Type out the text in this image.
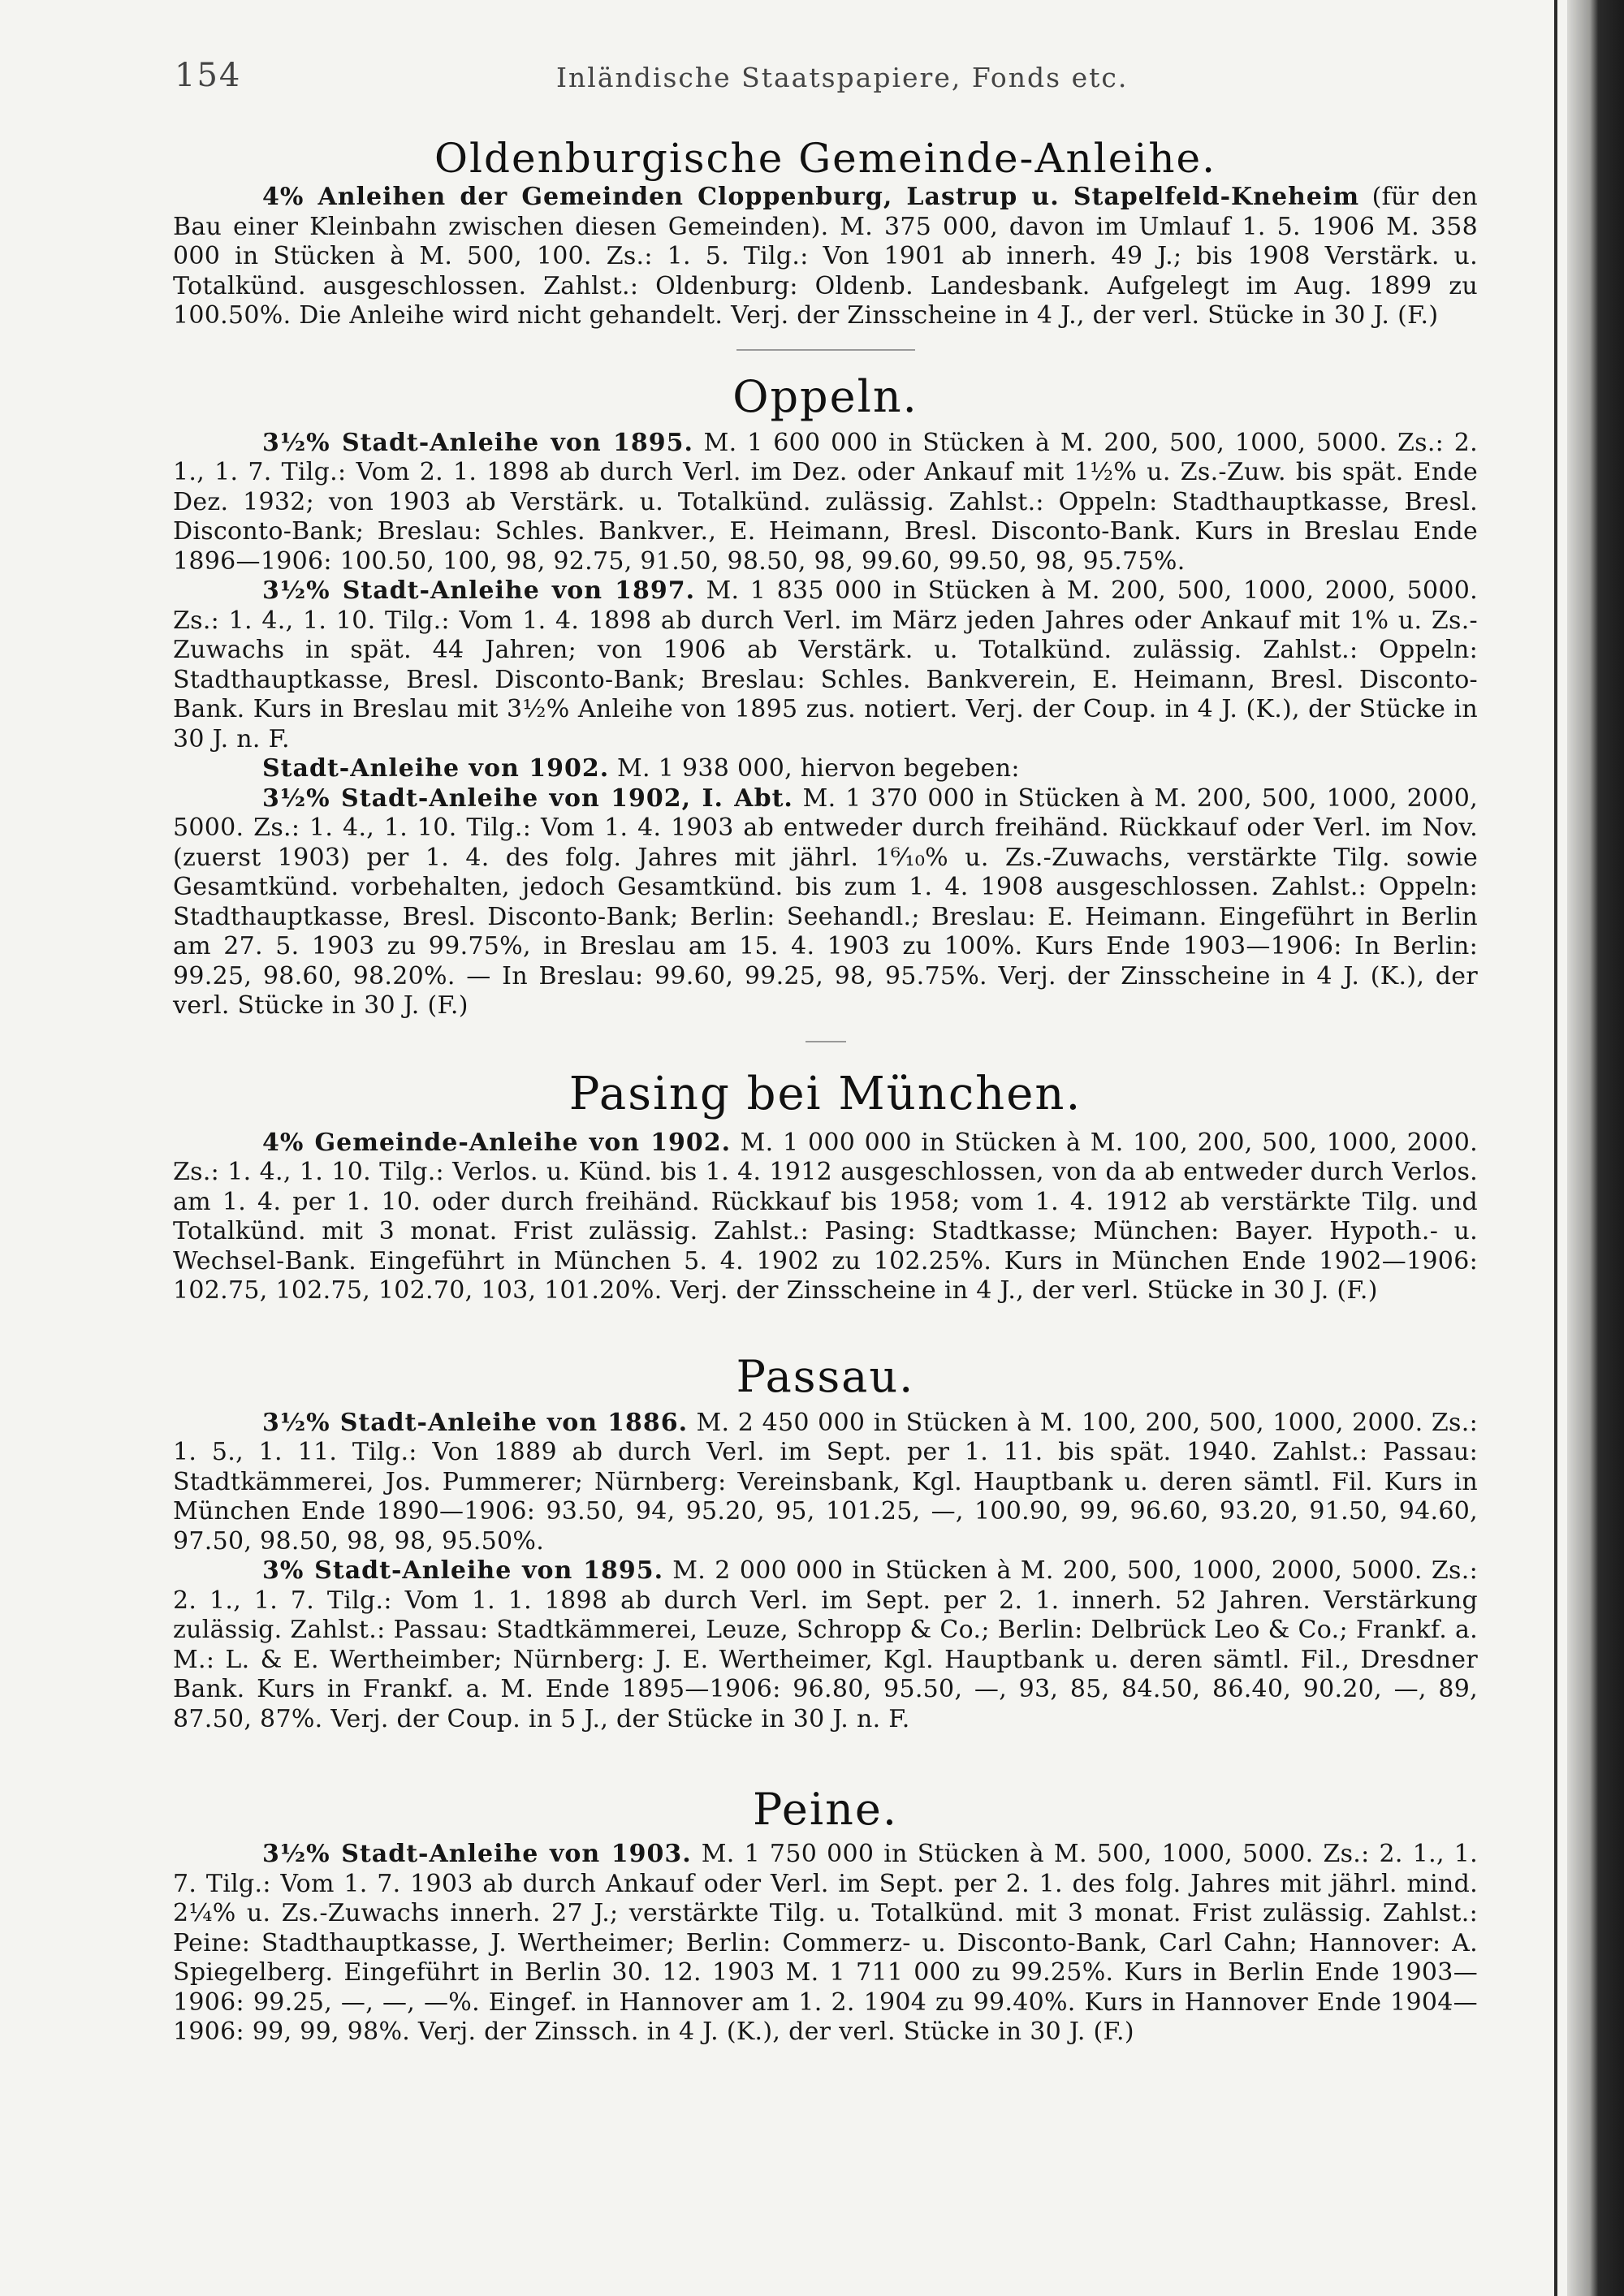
154	Inländische Staatspapiere, Fonds etc.
Oldenburgische Gemeinde-Anleihe.

4% Anleihen der Gemeinden Cloppenburg, Lastrup u. Stapelfeld-Kneheim (für den Bau einer Kleinbahn zwischen diesen Gemeinden). M. 375 000, davon im Umlauf 1. 5. 1906 M. 358 000 in Stücken à M. 500, 100. Zs.: 1. 5. Tilg.: Von 1901 ab innerh. 49 J.; bis 1908 Verstärk. u. Totalkünd. ausgeschlossen. Zahlst.: Oldenburg: Oldenb. Landesbank. Aufgelegt im Aug. 1899 zu 100.50%. Die Anleihe wird nicht gehandelt. Verj. der Zinsscheine in 4 J., der verl. Stücke in 30 J. (F.)

Oppeln.

3½% Stadt-Anleihe von 1895. M. 1 600 000 in Stücken à M. 200, 500, 1000, 5000. Zs.: 2. 1., 1. 7. Tilg.: Vom 2. 1. 1898 ab durch Verl. im Dez. oder Ankauf mit 1½% u. Zs.-Zuw. bis spät. Ende Dez. 1932; von 1903 ab Verstärk. u. Totalkünd. zulässig. Zahlst.: Oppeln: Stadthauptkasse, Bresl. Disconto-Bank; Breslau: Schles. Bankver., E. Heimann, Bresl. Disconto-Bank. Kurs in Breslau Ende 1896—1906: 100.50, 100, 98, 92.75, 91.50, 98.50, 98, 99.60, 99.50, 98, 95.75%.

3½% Stadt-Anleihe von 1897. M. 1 835 000 in Stücken à M. 200, 500, 1000, 2000, 5000. Zs.: 1. 4., 1. 10. Tilg.: Vom 1. 4. 1898 ab durch Verl. im März jeden Jahres oder Ankauf mit 1% u. Zs.-Zuwachs in spät. 44 Jahren; von 1906 ab Verstärk. u. Totalkünd. zulässig. Zahlst.: Oppeln: Stadthauptkasse, Bresl. Disconto-Bank; Breslau: Schles. Bankverein, E. Heimann, Bresl. Disconto-Bank. Kurs in Breslau mit 3½% Anleihe von 1895 zus. notiert. Verj. der Coup. in 4 J. (K.), der Stücke in 30 J. n. F.

Stadt-Anleihe von 1902. M. 1 938 000, hiervon begeben:

3½% Stadt-Anleihe von 1902, I. Abt. M. 1 370 000 in Stücken à M. 200, 500, 1000, 2000, 5000. Zs.: 1. 4., 1. 10. Tilg.: Vom 1. 4. 1903 ab entweder durch freihänd. Rückkauf oder Verl. im Nov. (zuerst 1903) per 1. 4. des folg. Jahres mit jährl. 1⁶⁄₁₀% u. Zs.-Zuwachs, verstärkte Tilg. sowie Gesamtkünd. vorbehalten, jedoch Gesamtkünd. bis zum 1. 4. 1908 ausgeschlossen. Zahlst.: Oppeln: Stadthauptkasse, Bresl. Disconto-Bank; Berlin: Seehandl.; Breslau: E. Heimann. Eingeführt in Berlin am 27. 5. 1903 zu 99.75%, in Breslau am 15. 4. 1903 zu 100%. Kurs Ende 1903—1906: In Berlin: 99.25, 98.60, 98.20%. — In Breslau: 99.60, 99.25, 98, 95.75%. Verj. der Zinsscheine in 4 J. (K.), der verl. Stücke in 30 J. (F.)

Pasing bei München.

4% Gemeinde-Anleihe von 1902. M. 1 000 000 in Stücken à M. 100, 200, 500, 1000, 2000. Zs.: 1. 4., 1. 10. Tilg.: Verlos. u. Künd. bis 1. 4. 1912 ausgeschlossen, von da ab entweder durch Verlos. am 1. 4. per 1. 10. oder durch freihänd. Rückkauf bis 1958; vom 1. 4. 1912 ab verstärkte Tilg. und Totalkünd. mit 3 monat. Frist zulässig. Zahlst.: Pasing: Stadtkasse; München: Bayer. Hypoth.- u. Wechsel-Bank. Eingeführt in München 5. 4. 1902 zu 102.25%. Kurs in München Ende 1902—1906: 102.75, 102.75, 102.70, 103, 101.20%. Verj. der Zinsscheine in 4 J., der verl. Stücke in 30 J. (F.)

Passau.

3½% Stadt-Anleihe von 1886. M. 2 450 000 in Stücken à M. 100, 200, 500, 1000, 2000. Zs.: 1. 5., 1. 11. Tilg.: Von 1889 ab durch Verl. im Sept. per 1. 11. bis spät. 1940. Zahlst.: Passau: Stadtkämmerei, Jos. Pummerer; Nürnberg: Vereinsbank, Kgl. Hauptbank u. deren sämtl. Fil. Kurs in München Ende 1890—1906: 93.50, 94, 95.20, 95, 101.25, —, 100.90, 99, 96.60, 93.20, 91.50, 94.60, 97.50, 98.50, 98, 98, 95.50%.

3% Stadt-Anleihe von 1895. M. 2 000 000 in Stücken à M. 200, 500, 1000, 2000, 5000. Zs.: 2. 1., 1. 7. Tilg.: Vom 1. 1. 1898 ab durch Verl. im Sept. per 2. 1. innerh. 52 Jahren. Verstärkung zulässig. Zahlst.: Passau: Stadtkämmerei, Leuze, Schropp & Co.; Berlin: Delbrück Leo & Co.; Frankf. a. M.: L. & E. Wertheimber; Nürnberg: J. E. Wertheimer, Kgl. Hauptbank u. deren sämtl. Fil., Dresdner Bank. Kurs in Frankf. a. M. Ende 1895—1906: 96.80, 95.50, —, 93, 85, 84.50, 86.40, 90.20, —, 89, 87.50, 87%. Verj. der Coup. in 5 J., der Stücke in 30 J. n. F.

Peine.

3½% Stadt-Anleihe von 1903. M. 1 750 000 in Stücken à M. 500, 1000, 5000. Zs.: 2. 1., 1. 7. Tilg.: Vom 1. 7. 1903 ab durch Ankauf oder Verl. im Sept. per 2. 1. des folg. Jahres mit jährl. mind. 2¼% u. Zs.-Zuwachs innerh. 27 J.; verstärkte Tilg. u. Totalkünd. mit 3 monat. Frist zulässig. Zahlst.: Peine: Stadthauptkasse, J. Wertheimer; Berlin: Commerz- u. Disconto-Bank, Carl Cahn; Hannover: A. Spiegelberg. Eingeführt in Berlin 30. 12. 1903 M. 1 711 000 zu 99.25%. Kurs in Berlin Ende 1903—1906: 99.25, —, —, —%. Eingef. in Hannover am 1. 2. 1904 zu 99.40%. Kurs in Hannover Ende 1904—1906: 99, 99, 98%. Verj. der Zinssch. in 4 J. (K.), der verl. Stücke in 30 J. (F.)
